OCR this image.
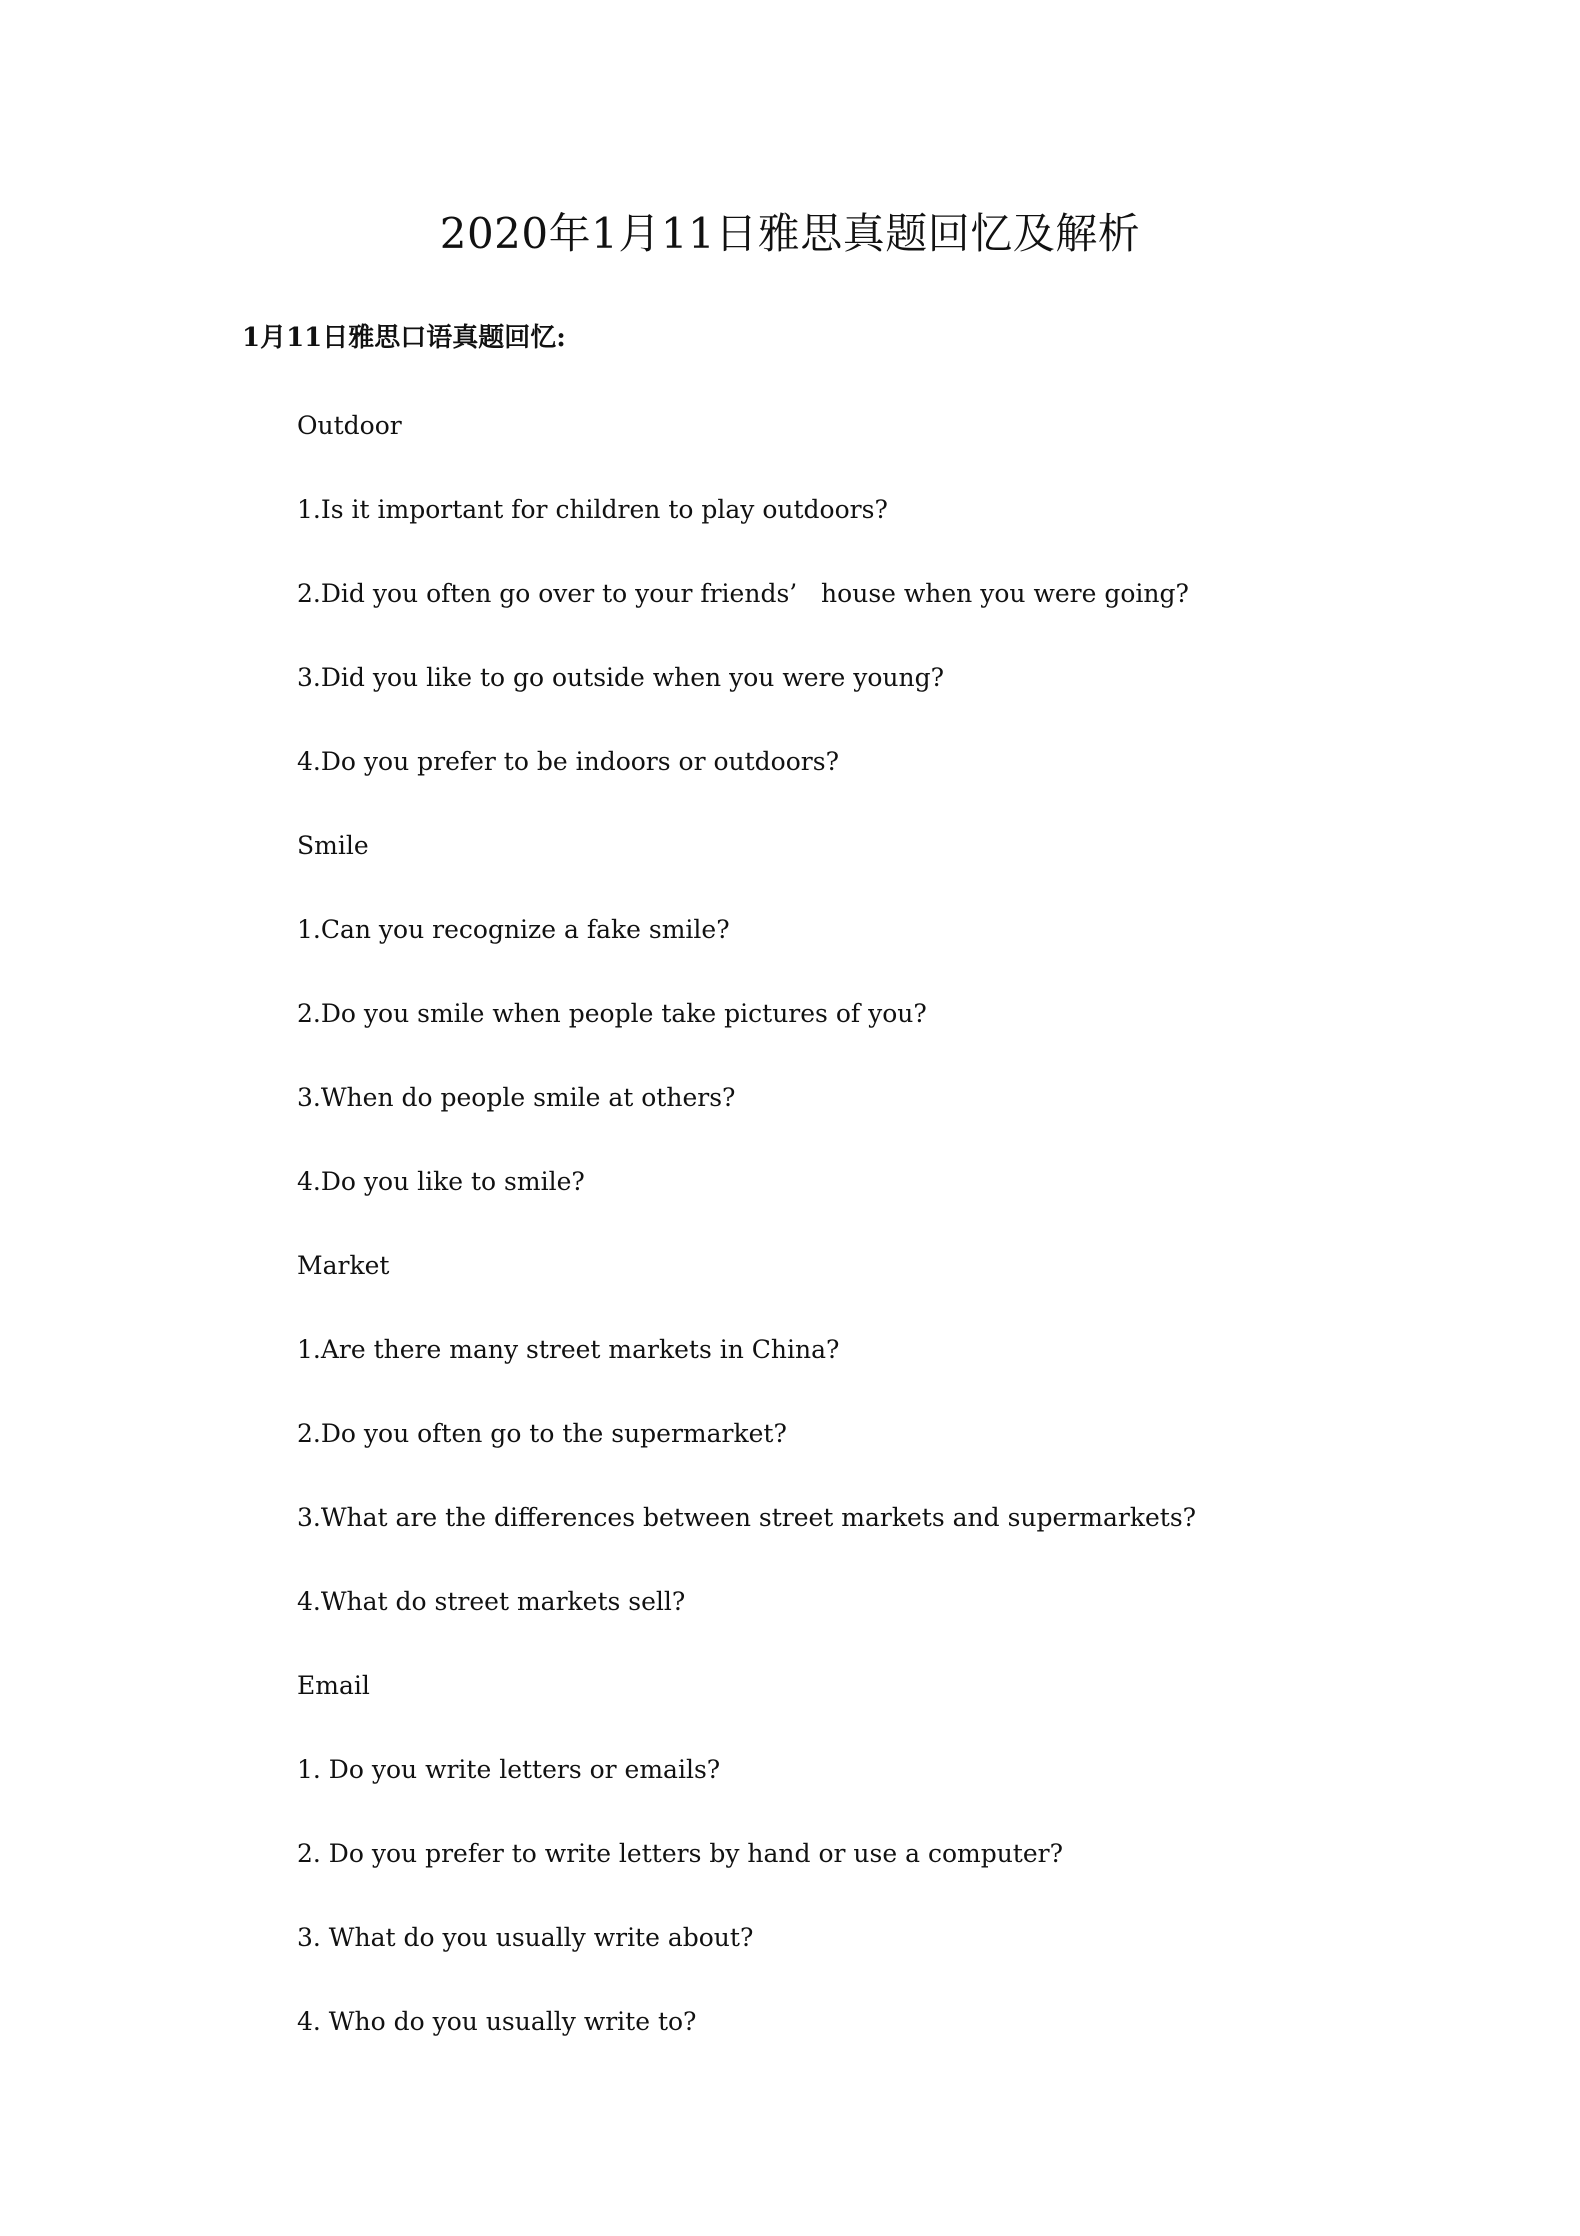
2020年1月11日雅思真题回忆及解析
1月11日雅思口语真题回忆:
Outdoor
1.Is it important for children to play outdoors?
2.Did you often go over to your friends’   house when you were going?
3.Did you like to go outside when you were young?
4.Do you prefer to be indoors or outdoors?
Smile
1.Can you recognize a fake smile?
2.Do you smile when people take pictures of you?
3.When do people smile at others?
4.Do you like to smile?
Market
1.Are there many street markets in China?
2.Do you often go to the supermarket?
3.What are the differences between street markets and supermarkets?
4.What do street markets sell?
Email
1. Do you write letters or emails?
2. Do you prefer to write letters by hand or use a computer?
3. What do you usually write about?
4. Who do you usually write to?
